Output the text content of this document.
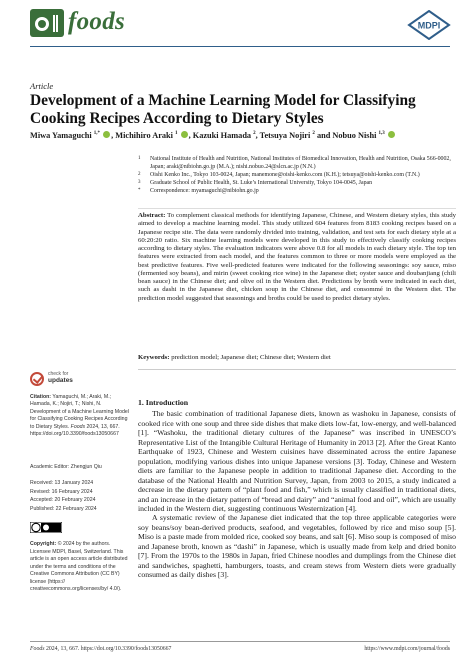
foods	MDPI
Article
Development of a Machine Learning Model for Classifying Cooking Recipes According to Dietary Styles
Miwa Yamaguchi $^{1,*}$ , Michihiro Araki $^1$ , Kazuki Hamada $^2$, Tetsuya Nojiri $^2$ and Nobuo Nishi $^{1,3}$
1 National Institute of Health and Nutrition, National Institutes of Biomedical Innovation, Health and Nutrition, Osaka 566-0002, Japan; araki@nibiohn.go.jp (M.A.); nishi.nobuo.24@slcn.ac.jp (N.N.)
2 Oishi Kenko Inc., Tokyo 103-0024, Japan; manemone@oishi-kenko.com (K.H.); tetsuya@oishi-kenko.com (T.N.)
3 Graduate School of Public Health, St. Luke’s International University, Tokyo 104-0045, Japan
* Correspondence: myamaguchi@nibiohn.go.jp
Abstract: To complement classical methods for identifying Japanese, Chinese, and Western dietary styles, this study aimed to develop a machine learning model. This study utilized 604 features from 8183 cooking recipes based on a Japanese recipe site. The data were randomly divided into training, validation, and test sets for each dietary style at a 60:20:20 ratio. Six machine learning models were developed in this study to effectively classify cooking recipes according to dietary styles. The evaluation indicators were above 0.8 for all models in each dietary style. The top ten features were extracted from each model, and the features common to three or more models were employed as the best predictive features. Five well-predicted features were indicated for the following seasonings: soy sauce, miso (fermented soy beans), and mirin (sweet cooking rice wine) in the Japanese diet; oyster sauce and doubanjiang (chili bean sauce) in the Chinese diet; and olive oil in the Western diet. Predictions by broth were indicated in each diet, such as dashi in the Japanese diet, chicken soup in the Chinese diet, and consommé in the Western diet. The prediction model suggested that seasonings and broths could be used to predict dietary styles.
Keywords: prediction model; Japanese diet; Chinese diet; Western diet
check for
updates
Citation: Yamaguchi, M.; Araki, M.; Hamada, K.; Nojiri, T.; Nishi, N. Development of a Machine Learning Model for Classifying Cooking Recipes According to Dietary Styles. Foods 2024, 13, 667. https://doi.org/10.3390/foods13050667
Academic Editor: Zhengjun Qiu
Received: 13 January 2024
Revised: 16 February 2024
Accepted: 20 February 2024
Published: 22 February 2024
Copyright: © 2024 by the authors. Licensee MDPI, Basel, Switzerland. This article is an open access article distributed under the terms and conditions of the Creative Commons Attribution (CC BY) license (https:// creativecommons.org/licenses/by/ 4.0/).
1. Introduction
The basic combination of traditional Japanese diets, known as washoku in Japanese, consists of cooked rice with one soup and three side dishes that make diets low-fat, low-energy, and well-balanced [1]. “Washoku, the traditional dietary cultures of the Japanese” was inscribed in UNESCO’s Representative List of the Intangible Cultural Heritage of Humanity in 2013 [2]. After the Great Kanto Earthquake of 1923, Chinese and Western cuisines have disseminated across the entire Japanese population, modifying various dishes into unique Japanese versions [3]. Today, Chinese and Western diets are familiar to the Japanese people in addition to traditional Japanese diet. According to the database of the National Health and Nutrition Survey, Japan, from 2003 to 2015, a study indicated a decrease in the dietary pattern of “plant food and fish,” which is usually classified in traditional diets, and an increase in the dietary pattern of “bread and dairy” and “animal food and oil”, which are usually included in the Western diet, suggesting continuous Westernization [4].
A systematic review of the Japanese diet indicated that the top three applicable categories were soy beans/soy bean-derived products, seafood, and vegetables, followed by rice and miso soup [5]. Miso is a paste made from molded rice, cooked soy beans, and salt [6]. Miso soup is composed of miso and Japanese broth, known as “dashi” in Japanese, which is usually made from kelp and dried bonito [7]. From the 1970s to the 1980s in Japan, fried Chinese noodles and dumplings from the Chinese diet and sandwiches, spaghetti, hamburgers, toasts, and cream stews from Western diets were gradually consumed as daily dishes [3].
Foods 2024, 13, 667. https://doi.org/10.3390/foods13050667	https://www.mdpi.com/journal/foods
